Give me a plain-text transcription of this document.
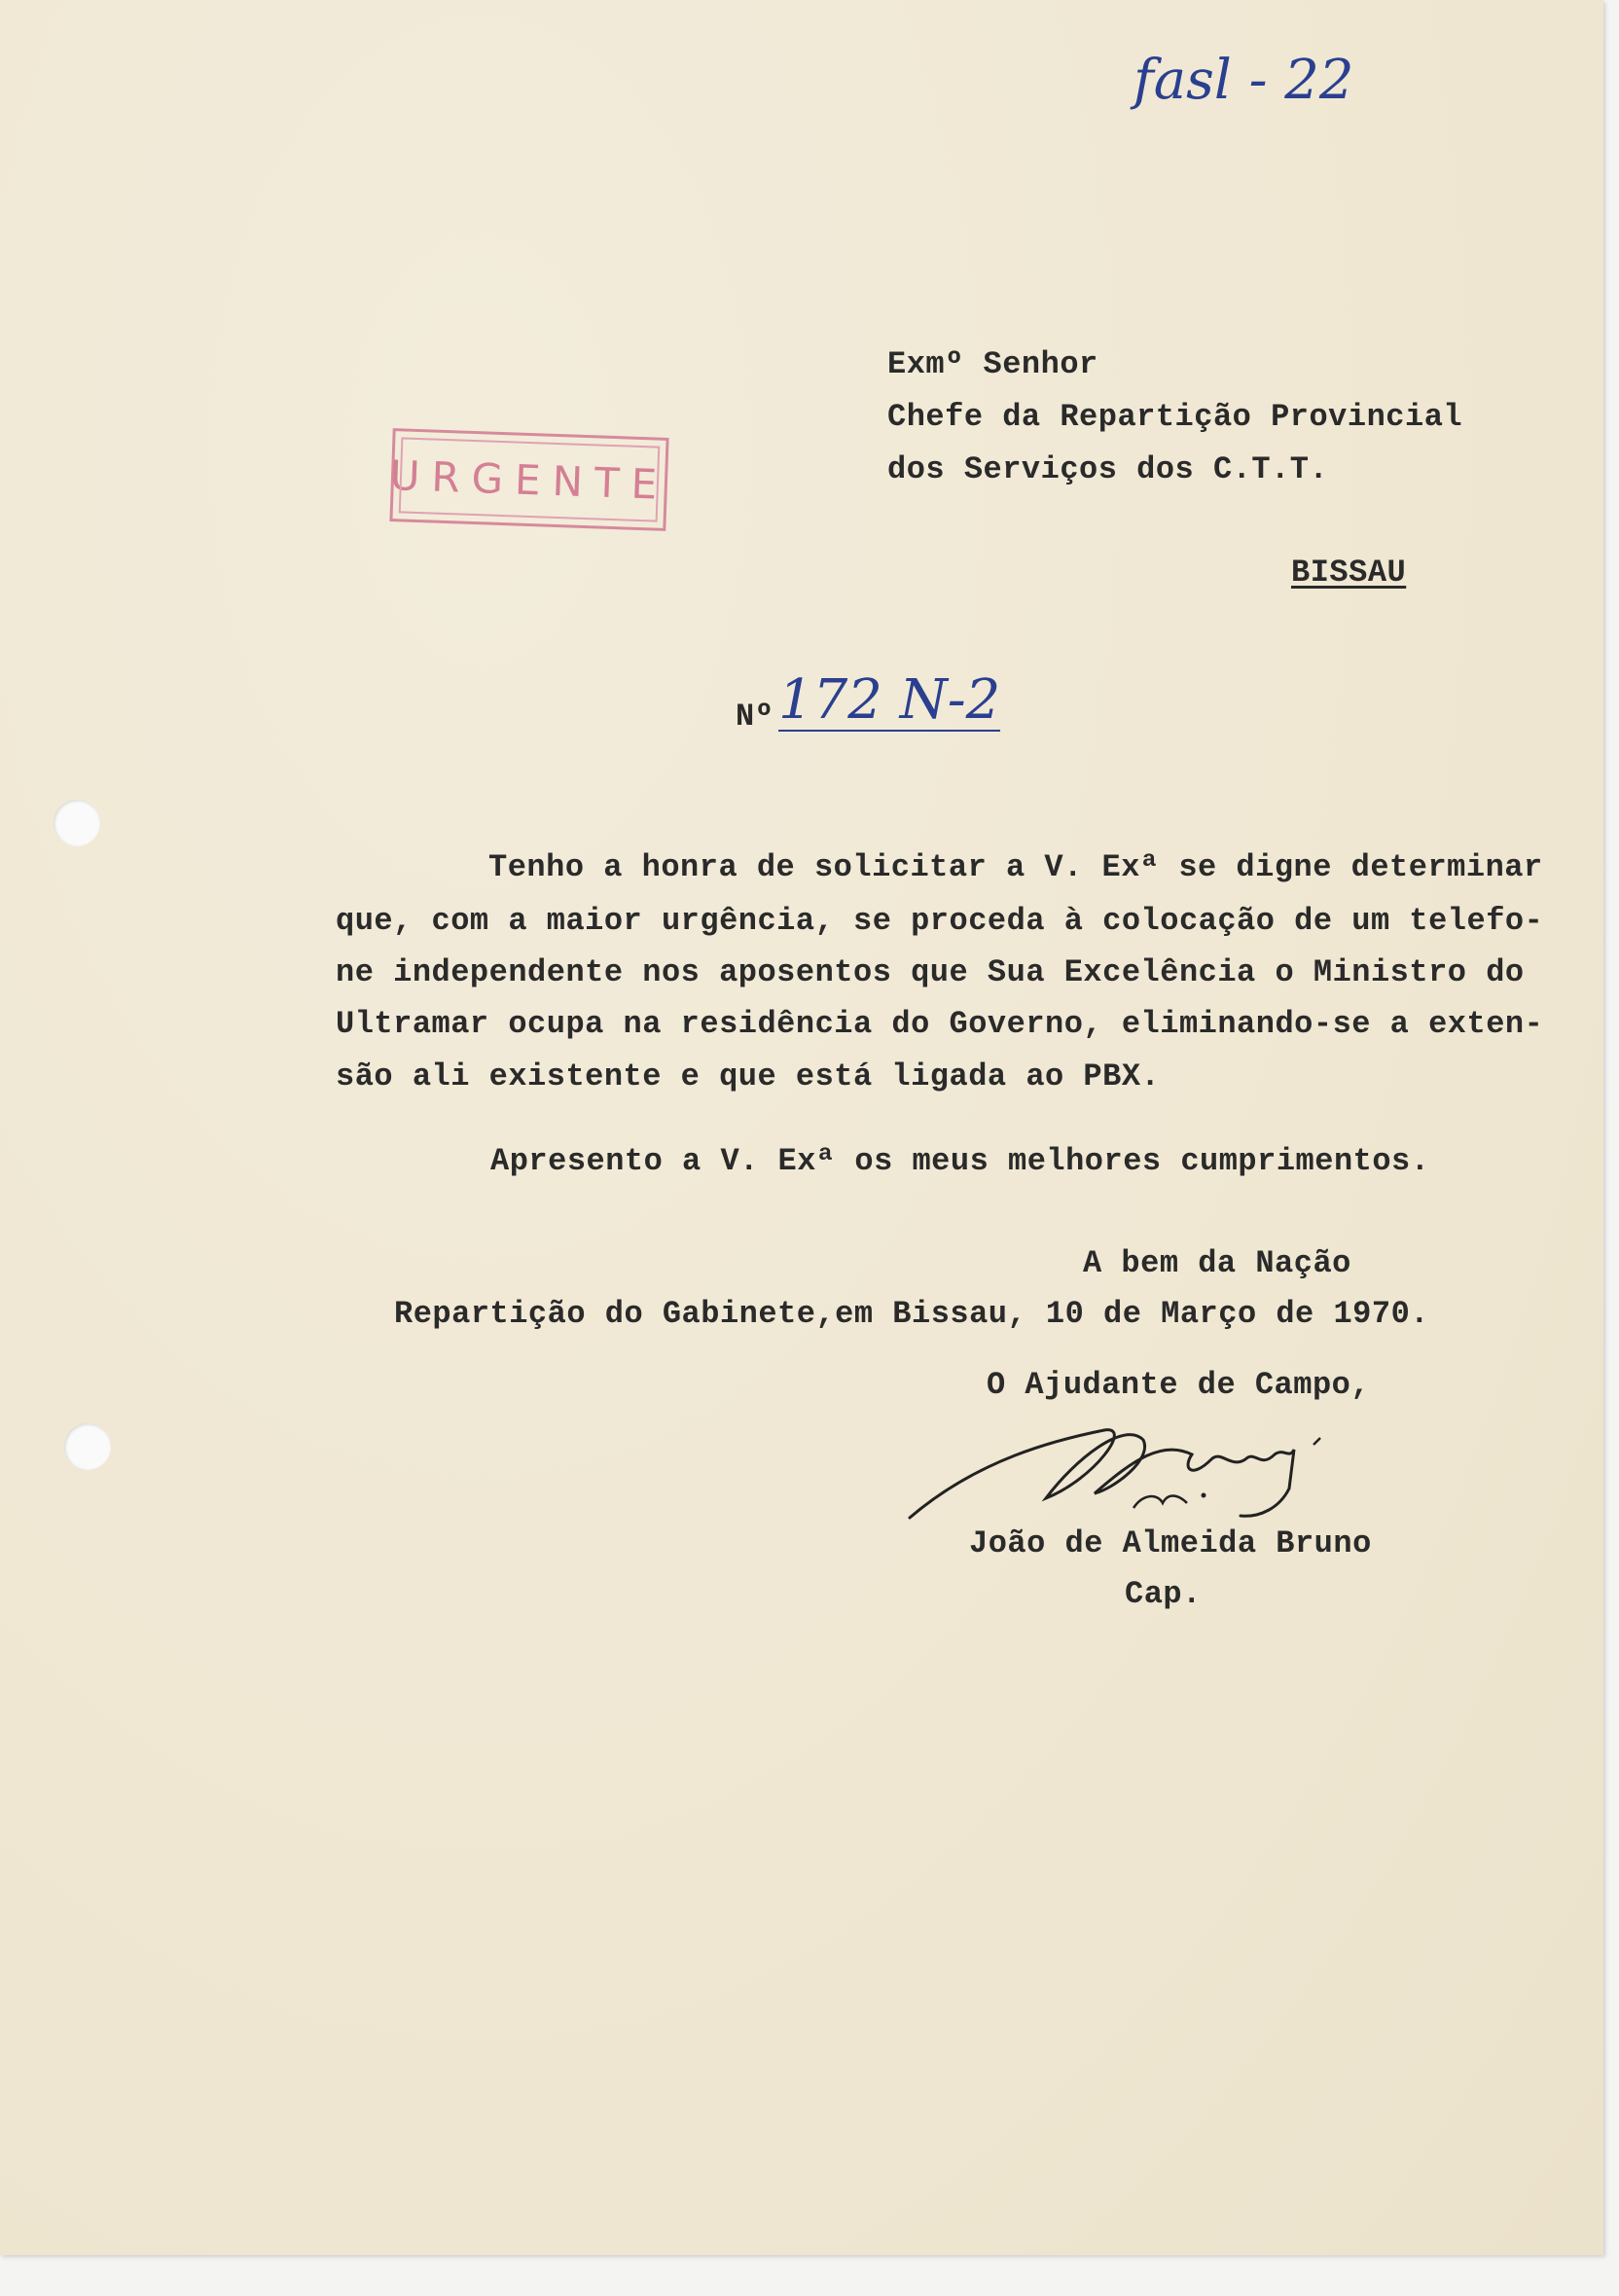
fasl - 22
URGENTE
Exmº Senhor
Chefe da Repartição Provincial
dos Serviços dos C.T.T.
BISSAU
Nº 172 N-2
Tenho a honra de solicitar a V. Exª se digne determinar
que, com a maior urgência, se proceda à colocação de um telefo-
ne independente nos aposentos que Sua Excelência o Ministro do
Ultramar ocupa na residência do Governo, eliminando-se a exten-
são ali existente e que está ligada ao PBX.
Apresento a V. Exª os meus melhores cumprimentos.
A bem da Nação
Repartição do Gabinete,em Bissau, 10 de Março de 1970.
O Ajudante de Campo,
João de Almeida Bruno
Cap.
